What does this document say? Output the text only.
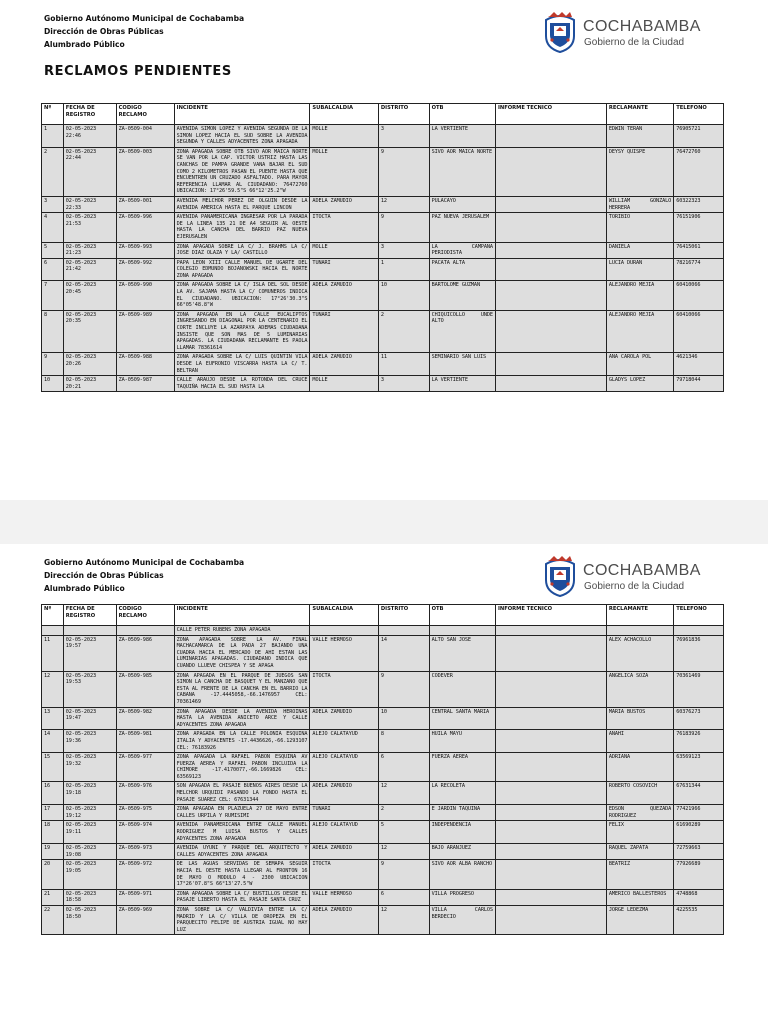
Gobierno Autónomo Municipal de Cochabamba
Dirección de Obras Públicas
Alumbrado Público
COCHABAMBA
Gobierno de la Ciudad
RECLAMOS PENDIENTES
Nº	FECHA DE REGISTRO	CODIGO RECLAMO	INCIDENTE	SUBALCALDIA	DISTRITO	OTB	INFORME TECNICO	RECLAMANTE	TELEFONO
1	02-05-2023 22:46	ZA-0509-004	AVENIDA SIMON LOPEZ Y AVENIDA SEGUNDA DE LA SIMON LOPEZ HACIA EL SUD SOBRE LA AVENIDA SEGUNDA Y CALLES ADYACENTES ZONA APAGADA	MOLLE	3	LA VERTIENTE		EDWIN TERAN	76905721
2	02-05-2023 22:44	ZA-0509-003	ZONA APAGADA SOBRE OTB SIVO AOR MAICA NORTE SE VAN POR LA CAP. VICTOR USTRIZ HASTA LAS CANCHAS DE PAMPA GRANDE VANA BAJAR EL SUD COMO 2 KILOMETROS PASAN EL PUENTE HASTA QUE ENCUENTREN UN CRUZADO ASFALTADO. PARA MAYOR REFERENCIA LLAMAR AL CIUDADANO: 76472760 UBICACION: 17°26'59.5"S 66°12'25.2"W	MOLLE	9	SIVO AOR MAICA NORTE		DEYSY QUISPE	76472760
3	02-05-2023 22:33	ZA-0509-001	AVENIDA MELCHOR PEREZ DE OLGUIN DESDE LA AVENIDA AMERICA HASTA EL PARQUE LINCON	ADELA ZAMUDIO	12	PULACAYO		WILLIAM GONZALO HERRERA	60322323
4	02-05-2023 21:53	ZA-0509-996	AVENIDA PANAMERICANA INGRESAR POR LA PARADA DE LA LINEA 135 21 DE A4 SEGUIR AL OESTE HASTA LA CANCHA DEL BARRIO PAZ NUEVA EJERUSALEN	ITOCTA	9	PAZ NUEVA JERUSALEM		TORIBIO	76151906
5	02-05-2023 21:23	ZA-0509-993	ZONA APAGADA SOBRE LA C/ J. BRAHMS LA C/ JOSE DIAZ OLAZA Y LA/ CASTILLO	MOLLE	3	LA CAMPANA PERIODISTA		DANIELA	76415061
6	02-05-2023 21:42	ZA-0509-992	PAPA LEON XIII CALLE MANUEL DE UGARTE DEL COLEGIO EDMUNDO BOJANOWSKI HACIA EL NORTE ZONA APAGADA	TUNARI	1	PACATA ALTA		LUCIA DURAN	78216774
7	02-05-2023 20:45	ZA-0509-990	ZONA APAGADA SOBRE LA C/ ISLA DEL SOL DESDE LA AV. SAJAMA HASTA LA C/ COMUNEROS INDICA EL CIUDADANO. UBICACION: 17°26'30.3"S 66°05'48.8"W	ADELA ZAMUDIO	10	BARTOLOME GUZMAN		ALEJANDRO MEJIA	60410066
8	02-05-2023 20:35	ZA-0509-989	ZONA APAGADA EN LA CALLE EUCALIPTOS INGRESANDO EN DIAGONAL POR LA CENTENARIO EL CORTE INCLUYE LA AZARPAYA ADEMAS CIUDADANA INSISTE QUE SON MAS DE 5 LUMINARIAS APAGADAS. LA CIUDADANA RECLAMANTE ES PAOLA LLAMAR 78361614	TUNARI	2	CHIQUICOLLO UNDE ALTO		ALEJANDRO MEJIA	60410066
9	02-05-2023 20:26	ZA-0509-988	ZONA APAGADA SOBRE LA C/ LUIS QUINTIN VILA DESDE LA EUFRONIO VISCARRA HASTA LA C/ T. BELTRAN	ADELA ZAMUDIO	11	SEMINARIO SAN LUIS		ANA CAROLA POL	4621346
10	02-05-2023 20:21	ZA-0509-987	CALLE ARAUJO DESDE LA ROTONDA DEL CRUCE TAQUIÑA HACIA EL SUD HASTA LA	MOLLE	3	LA VERTIENTE		GLADYS LOPEZ	79718044
Gobierno Autónomo Municipal de Cochabamba
Dirección de Obras Públicas
Alumbrado Público
COCHABAMBA
Gobierno de la Ciudad
Nº	FECHA DE REGISTRO	CODIGO RECLAMO	INCIDENTE	SUBALCALDIA	DISTRITO	OTB	INFORME TECNICO	RECLAMANTE	TELEFONO
			CALLE PETER RUBENS ZONA APAGADA						
11	02-05-2023 19:57	ZA-0509-986	ZONA APAGADA SOBRE LA AV. FINAL MACHACAMARCA DE LA PADA 27 BAJANDO UNA CUADRA HACIA EL MERCADO DE AHI ESTAN LAS LUMINARIAS APAGADAS. CIUDADANO INDICA QUE CUANDO LLUEVE CHISPEA Y SE APAGA	VALLE HERMOSO	14	ALTO SAN JOSE		ALEX ACHACOLLO	76961836
12	02-05-2023 19:53	ZA-0509-985	ZONA APAGADA EN EL PARQUE DE JUEGOS SAN SIMON LA CANCHA DE BASQUET Y EL MANZANO QUE ESTA AL FRENTE DE LA CANCHA EN EL BARRIO LA CABANA -17.4445058,-66.1476957 CEL: 70361469	ITOCTA	9	CODEVER		ANGELICA SOZA	70361469
13	02-05-2023 19:47	ZA-0509-982	ZONA APAGADA DESDE LA AVENIDA HEROINAS HASTA LA AVENIDA ANICETO ARCE Y CALLE ADYACENTES ZONA APAGADA	ADELA ZAMUDIO	10	CENTRAL SANTA MARIA		MARIA BUSTOS	60376273
14	02-05-2023 19:36	ZA-0509-981	ZONA APAGADA EN LA CALLE POLONIA ESQUINA ITALIA Y ADYACENTES -17.4436626,-66.1293107 CEL: 76183926	ALEJO CALATAYUD	8	HUILA MAYU		ANAHI	76183926
15	02-05-2023 19:32	ZA-0509-977	ZONA APAGADA LA RAFAEL PABON ESQUINA AV FUERZA AEREA Y RAFAEL PABON INCLUIDA LA CHIMORE -17.4170077,-66.1669826 CEL: 63569123	ALEJO CALATAYUD	6	FUERZA AEREA		ADRIANA	63569123
16	02-05-2023 19:18	ZA-0509-976	SON APAGADA EL PASAJE BUENOS AIRES DESDE LA MELCHOR URQUIDI PASANDO LA FONDO HASTA EL PASAJE SUAREZ CEL: 67631344	ADELA ZAMUDIO	12	LA RECOLETA		ROBERTO COSOVICH	67631344
17	02-05-2023 19:12	ZA-0509-975	ZONA APAGADA EN PLAZUELA 27 DE MAYO ENTRE CALLES URPILA Y RUMISIMI	TUNARI	2	E JARDIN TAQUINA		EDSON QUEZADA RODRIGUEZ	77421966
18	02-05-2023 19:11	ZA-0509-974	AVENIDA PANAMERICANA ENTRE CALLE MANUEL RODRIGUEZ M LUISA BUSTOS Y CALLES ADYACENTES ZONA APAGADA	ALEJO CALATAYUD	5	INDEPENDENCIA		FELIX	61690289
19	02-05-2023 19:08	ZA-0509-973	AVENIDA UYUNI Y PARQUE DEL ARQUITECTO Y CALLES ADYACENTES ZONA APAGADA	ADELA ZAMUDIO	12	BAJO ARANJUEZ		RAQUEL ZAPATA	72759663
20	02-05-2023 19:05	ZA-0509-972	DE LAS AGUAS SERVIDAS DE SEMAPA SEGUIR HACIA EL OESTE HASTA LLEGAR AL FRONTON 16 DE MAYO O MODULO 4 - 2300 UBICACION 17°26'07.8"S 66°13'27.5"W	ITOCTA	9	SIVO AOR ALBA RANCHO		BEATRIZ	77926689
21	02-05-2023 18:58	ZA-0509-971	ZONA APAGADA SOBRE LA C/ BUSTILLOS DESDE EL PASAJE LIBERTO HASTA EL PASAJE SANTA CRUZ	VALLE HERMOSO	6	VILLA PROGRESO		AMERICO BALLESTEROS	4748868
22	02-05-2023 18:50	ZA-0509-969	ZONA SOBRE LA C/ VALDIVIA ENTRE LA C/ MADRID Y LA C/ VILLA DE OROPEZA EN EL PARQUECITO FELIPE DE AUSTRIA IGUAL NO HAY LUZ	ADELA ZAMUDIO	12	VILLA CARLOS BERDECIO		JORGE LEDEZMA	4225535
